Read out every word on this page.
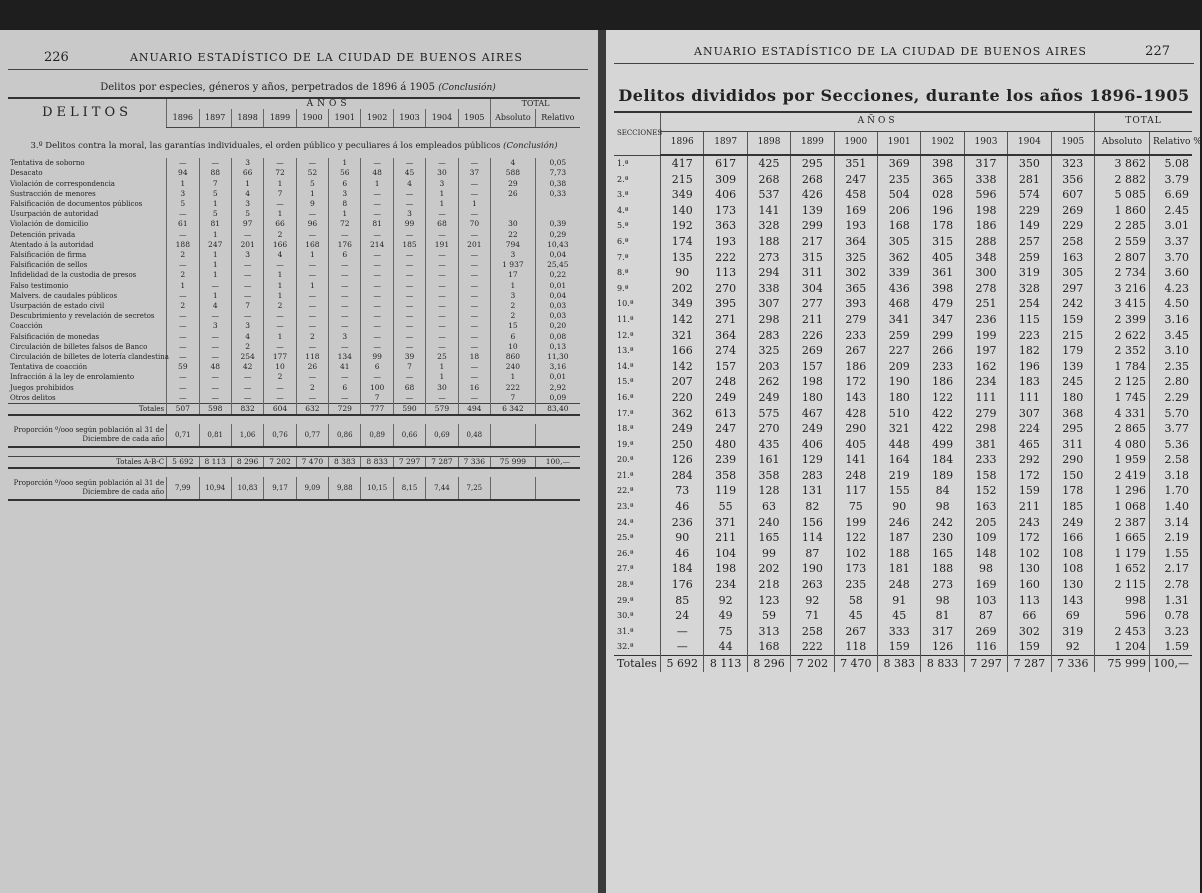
226	ANUARIO ESTADÍSTICO DE LA CIUDAD DE BUENOS AIRES
Delitos por especies, géneros y años, perpetrados de 1896 á 1905 (Conclusión)
DELITOS	AÑOS										TOTAL	
	1896	1897	1898	1899	1900	1901	1902	1903	1904	1905	Absoluto	Relativo
3.º Delitos contra la moral, las garantías individuales, el orden público y peculiares á los empleados públicos (Conclusión)												
Tentativa de soborno	—	—	3	—	—	1	—	—	—	—	4	0,05
Desacato	94	88	66	72	52	56	48	45	30	37	588	7,73
Violación de correspondencia	1	7	1	1	5	6	1	4	3	—	29	0,38
Sustracción de menores	3	5	4	7	1	3	—	—	1	—	26	0,33
Falsificación de documentos públicos	5	1	3	—	9	8	—	—	1	1		
Usurpación de autoridad	—	5	5	1	—	1	—	3	—	—		
Violación de domicilio	61	81	97	66	96	72	81	99	68	70	30	0,39
Detención privada	—	1	—	2	—	—	—	—	—	—	22	0,29
Atentado á la autoridad	188	247	201	166	168	176	214	185	191	201	794	10,43
Falsificación de firma	2	1	3	4	1	6	—	—	—	—	3	0,04
Falsificación de sellos	—	1	—	—	—	—	—	—	—	—	1 937	25,45
Infidelidad de la custodia de presos	2	1	—	1	—	—	—	—	—	—	17	0,22
Falso testimonio	1	—	—	1	1	—	—	—	—	—	1	0,01
Malvers. de caudales públicos	—	1	—	1	—	—	—	—	—	—	3	0,04
Usurpación de estado civil	2	4	7	2	—	—	—	—	—	—	2	0,03
Descubrimiento y revelación de secretos	—	—	—	—	—	—	—	—	—	—	2	0,03
Coacción	—	3	3	—	—	—	—	—	—	—	15	0,20
Falsificación de monedas	—	—	4	1	2	3	—	—	—	—	6	0,08
Circulación de billetes falsos de Banco	—	—	2	—	—	—	—	—	—	—	10	0,13
Circulación de billetes de lotería clandestina	—	—	254	177	118	134	99	39	25	18	860	11,30
Tentativa de coacción	59	48	42	10	26	41	6	7	1	—	240	3,16
Infracción á la ley de enrolamiento	—	—	—	2	—	—	—	—	1	—	1	0,01
Juegos prohibidos	—	—	—	—	2	6	100	68	30	16	222	2,92
Otros delitos	—	—	—	—	—	—	7	—	—	—	7	0,09
Totales	507	598	832	604	632	729	777	590	579	494	6 342	83,40

Proporción º/ooo según población al 31 de Diciembre de cada año	0,71	0,81	1,06	0,76	0,77	0,86	0,89	0,66	0,69	0,48		

Totales A-B-C	5 692	8 113	8 296	7 202	7 470	8 383	8 833	7 297	7 287	7 336	75 999	100,—

Proporción º/ooo según población al 31 de Diciembre de cada año	7,99	10,94	10,83	9,17	9,09	9,88	10,15	8,15	7,44	7,25		
ANUARIO ESTADÍSTICO DE LA CIUDAD DE BUENOS AIRES	227
Delitos divididos por Secciones, durante los años 1896-1905
SECCIONES	AÑOS										TOTAL	
	1896	1897	1898	1899	1900	1901	1902	1903	1904	1905	Absoluto	Relativo %
1.ª	417	617	425	295	351	369	398	317	350	323	3 862	5.08
2.ª	215	309	268	268	247	235	365	338	281	356	2 882	3.79
3.ª	349	406	537	426	458	504	028	596	574	607	5 085	6.69
4.ª	140	173	141	139	169	206	196	198	229	269	1 860	2.45
5.ª	192	363	328	299	193	168	178	186	149	229	2 285	3.01
6.ª	174	193	188	217	364	305	315	288	257	258	2 559	3.37
7.ª	135	222	273	315	325	362	405	348	259	163	2 807	3.70
8.ª	90	113	294	311	302	339	361	300	319	305	2 734	3.60
9.ª	202	270	338	304	365	436	398	278	328	297	3 216	4.23
10.ª	349	395	307	277	393	468	479	251	254	242	3 415	4.50
11.ª	142	271	298	211	279	341	347	236	115	159	2 399	3.16
12.ª	321	364	283	226	233	259	299	199	223	215	2 622	3.45
13.ª	166	274	325	269	267	227	266	197	182	179	2 352	3.10
14.ª	142	157	203	157	186	209	233	162	196	139	1 784	2.35
15.ª	207	248	262	198	172	190	186	234	183	245	2 125	2.80
16.ª	220	249	249	180	143	180	122	111	111	180	1 745	2.29
17.ª	362	613	575	467	428	510	422	279	307	368	4 331	5.70
18.ª	249	247	270	249	290	321	422	298	224	295	2 865	3.77
19.ª	250	480	435	406	405	448	499	381	465	311	4 080	5.36
20.ª	126	239	161	129	141	164	184	233	292	290	1 959	2.58
21.ª	284	358	358	283	248	219	189	158	172	150	2 419	3.18
22.ª	73	119	128	131	117	155	84	152	159	178	1 296	1.70
23.ª	46	55	63	82	75	90	98	163	211	185	1 068	1.40
24.ª	236	371	240	156	199	246	242	205	243	249	2 387	3.14
25.ª	90	211	165	114	122	187	230	109	172	166	1 665	2.19
26.ª	46	104	99	87	102	188	165	148	102	108	1 179	1.55
27.ª	184	198	202	190	173	181	188	98	130	108	1 652	2.17
28.ª	176	234	218	263	235	248	273	169	160	130	2 115	2.78
29.ª	85	92	123	92	58	91	98	103	113	143	998	1.31
30.ª	24	49	59	71	45	45	81	87	66	69	596	0.78
31.ª	—	75	313	258	267	333	317	269	302	319	2 453	3.23
32.ª	—	44	168	222	118	159	126	116	159	92	1 204	1.59
Totales	5 692	8 113	8 296	7 202	7 470	8 383	8 833	7 297	7 287	7 336	75 999	100,—
